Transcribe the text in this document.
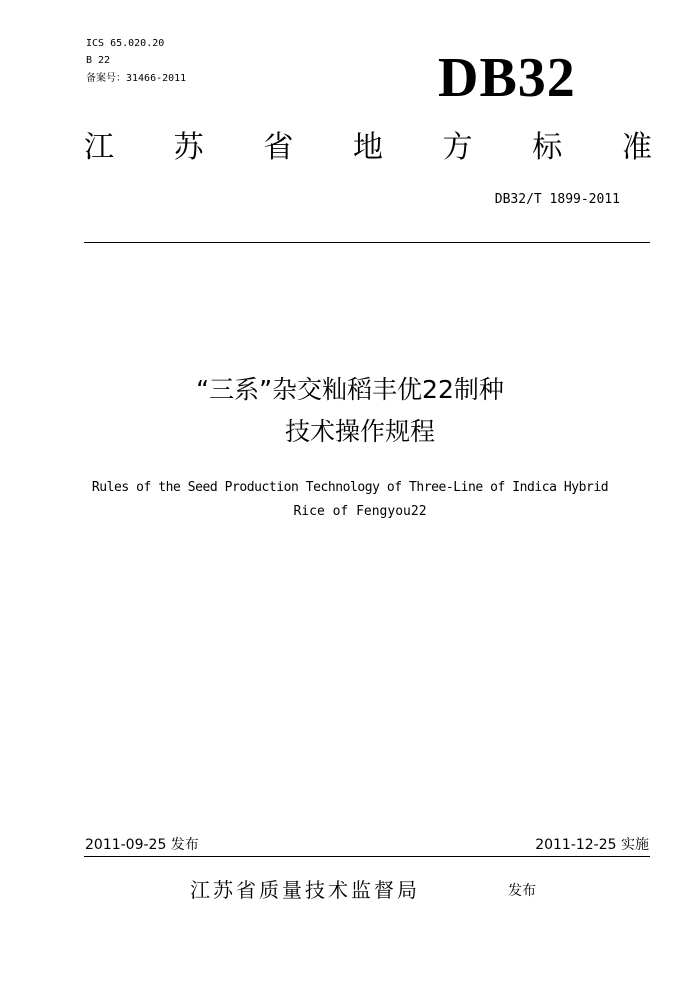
ICS 65.020.20
B 22
备案号：31466-2011	DB32
江 苏 省 地 方 标 准
DB32/T 1899-2011
“三系”杂交籼稻丰优22制种
技术操作规程
Rules of the Seed Production Technology of Three-Line of Indica Hybrid
Rice of Fengyou22
2011-09-25 发布	2011-12-25 实施
江苏省质量技术监督局	发布
